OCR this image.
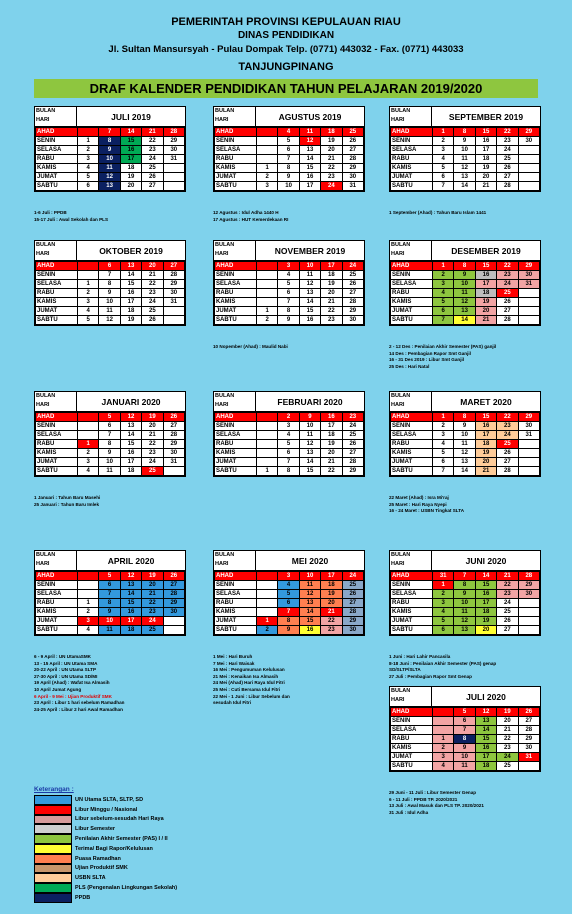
PEMERINTAH PROVINSI KEPULAUAN RIAU
DINAS PENDIDIKAN
Jl. Sultan Mansursyah - Pulau Dompak Telp. (0771) 443032 - Fax. (0771) 443033
TANJUNGPINANG
DRAF KALENDER PENDIDIKAN TAHUN PELAJARAN 2019/2020
BULAN
HARI	JULI 2019
AHAD		7	14	21	28
SENIN	1	8	15	22	29
SELASA	2	9	16	23	30
RABU	3	10	17	24	31
KAMIS	4	11	18	25	
JUMAT	5	12	19	26	
SABTU	6	13	20	27	
1-6 Juli : PPDB
15-17 Juli : Awal Sekolah dan PLS
BULAN
HARI	AGUSTUS 2019
AHAD		4	11	18	25
SENIN		5	12	19	26
SELASA		6	13	20	27
RABU		7	14	21	28
KAMIS	1	8	15	22	29
JUMAT	2	9	16	23	30
SABTU	3	10	17	24	31
12 Agustus : Idul Adha 1440 H
17 Agustus : HUT Kemerdekaan RI
BULAN
HARI	SEPTEMBER 2019
AHAD	1	8	15	22	29
SENIN	2	9	16	23	30
SELASA	3	10	17	24	
RABU	4	11	18	25	
KAMIS	5	12	19	26	
JUMAT	6	13	20	27	
SABTU	7	14	21	28	
1 September (Ahad) : Tahun Baru Islam 1441
BULAN
HARI	OKTOBER 2019
AHAD		6	13	20	27
SENIN		7	14	21	28
SELASA	1	8	15	22	29
RABU	2	9	16	23	30
KAMIS	3	10	17	24	31
JUMAT	4	11	18	25	
SABTU	5	12	19	26	
BULAN
HARI	NOVEMBER 2019
AHAD		3	10	17	24
SENIN		4	11	18	25
SELASA		5	12	19	26
RABU		6	13	20	27
KAMIS		7	14	21	28
JUMAT	1	8	15	22	29
SABTU	2	9	16	23	30
10 Nopember (Ahad) : Maulid Nabi
BULAN
HARI	DESEMBER 2019
AHAD	1	8	15	22	29
SENIN	2	9	16	23	30
SELASA	3	10	17	24	31
RABU	4	11	18	25	
KAMIS	5	12	19	26	
JUMAT	6	13	20	27	
SABTU	7	14	21	28	
2 - 12 Des : Penilaian Akhir Semester (PAS) ganjil
14 Des : Pembagian Rapor Smt Ganjil
16 - 31 Des 2019 : Libur Smt Ganjil
25 Des : Hari Natal
BULAN
HARI	JANUARI 2020
AHAD		5	12	19	26
SENIN		6	13	20	27
SELASA		7	14	21	28
RABU	1	8	15	22	29
KAMIS	2	9	16	23	30
JUMAT	3	10	17	24	31
SABTU	4	11	18	25	
1 Januari : Tahun Baru Masehi
25 Januari : Tahun Baru Imlek
BULAN
HARI	FEBRUARI 2020
AHAD		2	9	16	23
SENIN		3	10	17	24
SELASA		4	11	18	25
RABU		5	12	19	26
KAMIS		6	13	20	27
JUMAT		7	14	21	28
SABTU	1	8	15	22	29
BULAN
HARI	MARET 2020
AHAD	1	8	15	22	29
SENIN	2	9	16	23	30
SELASA	3	10	17	24	31
RABU	4	11	18	25	
KAMIS	5	12	19	26	
JUMAT	6	13	20	27	
SABTU	7	14	21	28	
22 Maret (Ahad) : Isra Mi'raj
25 Maret : Hari Raya Nyepi
16 - 24 Maret : USBN Tingkat SLTA
BULAN
HARI	APRIL 2020
AHAD		5	12	19	26
SENIN		6	13	20	27
SELASA		7	14	21	28
RABU	1	8	15	22	29
KAMIS	2	9	16	23	30
JUMAT	3	10	17	24	
SABTU	4	11	18	25	
6 - 9 April : UN UtamaSMK
13 - 15 April : UN Utama SMA
20-22 April : UN Utama SLTP
27-30 April : UN Utama SD/MI
19 April (Ahad) : Wafat Isa Almasih
10 April Jumat Agung
6 April - 9 Mei : Ujian Produktif SMK
23 April : Libur 1 hari sebelum Ramadhan
24-25 April : Libur 2 hari Awal Ramadhan
BULAN
HARI	MEI 2020
AHAD		3	10	17	24
SENIN		4	11	18	25
SELASA		5	12	19	26
RABU		6	13	20	27
KAMIS		7	14	21	28
JUMAT	1	8	15	22	29
SABTU	2	9	16	23	30
1 Mei : Hari Buruh
7 Mei : Hari Waisak
16 Mei : Pengumuman Kelulusan
21 Mei : Kenaikan Isa Almasih
24 Mei (Ahad) Hari Raya Idul Fitri
25 Mei : Cuti Bersama Idul Fitri
22 Mei - 1 Juni : Libur Sebelum dan
sesudah Idul Fitri
BULAN
HARI	JUNI 2020
AHAD	31	7	14	21	28
SENIN	1	8	15	22	29
SELASA	2	9	16	23	30
RABU	3	10	17	24	
KAMIS	4	11	18	25	
JUMAT	5	12	19	26	
SABTU	6	13	20	27	
1 Juni : Hari Lahir Pancasila
8-18 Juni : Penilaian Akhir Semester (PAS) genap
SD/SLTP/SLTA
27 Juli : Pembagian Rapor Smt Genap
BULAN
HARI	JULI 2020
AHAD		5	12	19	26
SENIN		6	13	20	27
SELASA		7	14	21	28
RABU	1	8	15	22	29
KAMIS	2	9	16	23	30
JUMAT	3	10	17	24	31
SABTU	4	11	18	25	
29 Juni - 11 Juli : Libur Semester Genap
6 - 11 Juli : PPDB TP. 2020/2021
13 Juli : Awal Masuk dan PLS TP. 2020/2021
31 Juli : Idul Adha
Keterangan :
UN Utama SLTA, SLTP, SD
Libur Minggu / Nasional
Libur sebelum-sesudah Hari Raya
Libur Semester
Penilaian Akhir Semester (PAS) I / II
Terima/ Bagi Rapor/Kelulusan
Puasa Ramadhan
Ujian Produktif SMK
USBN SLTA
PLS (Pengenalan Lingkungan Sekolah)
PPDB
